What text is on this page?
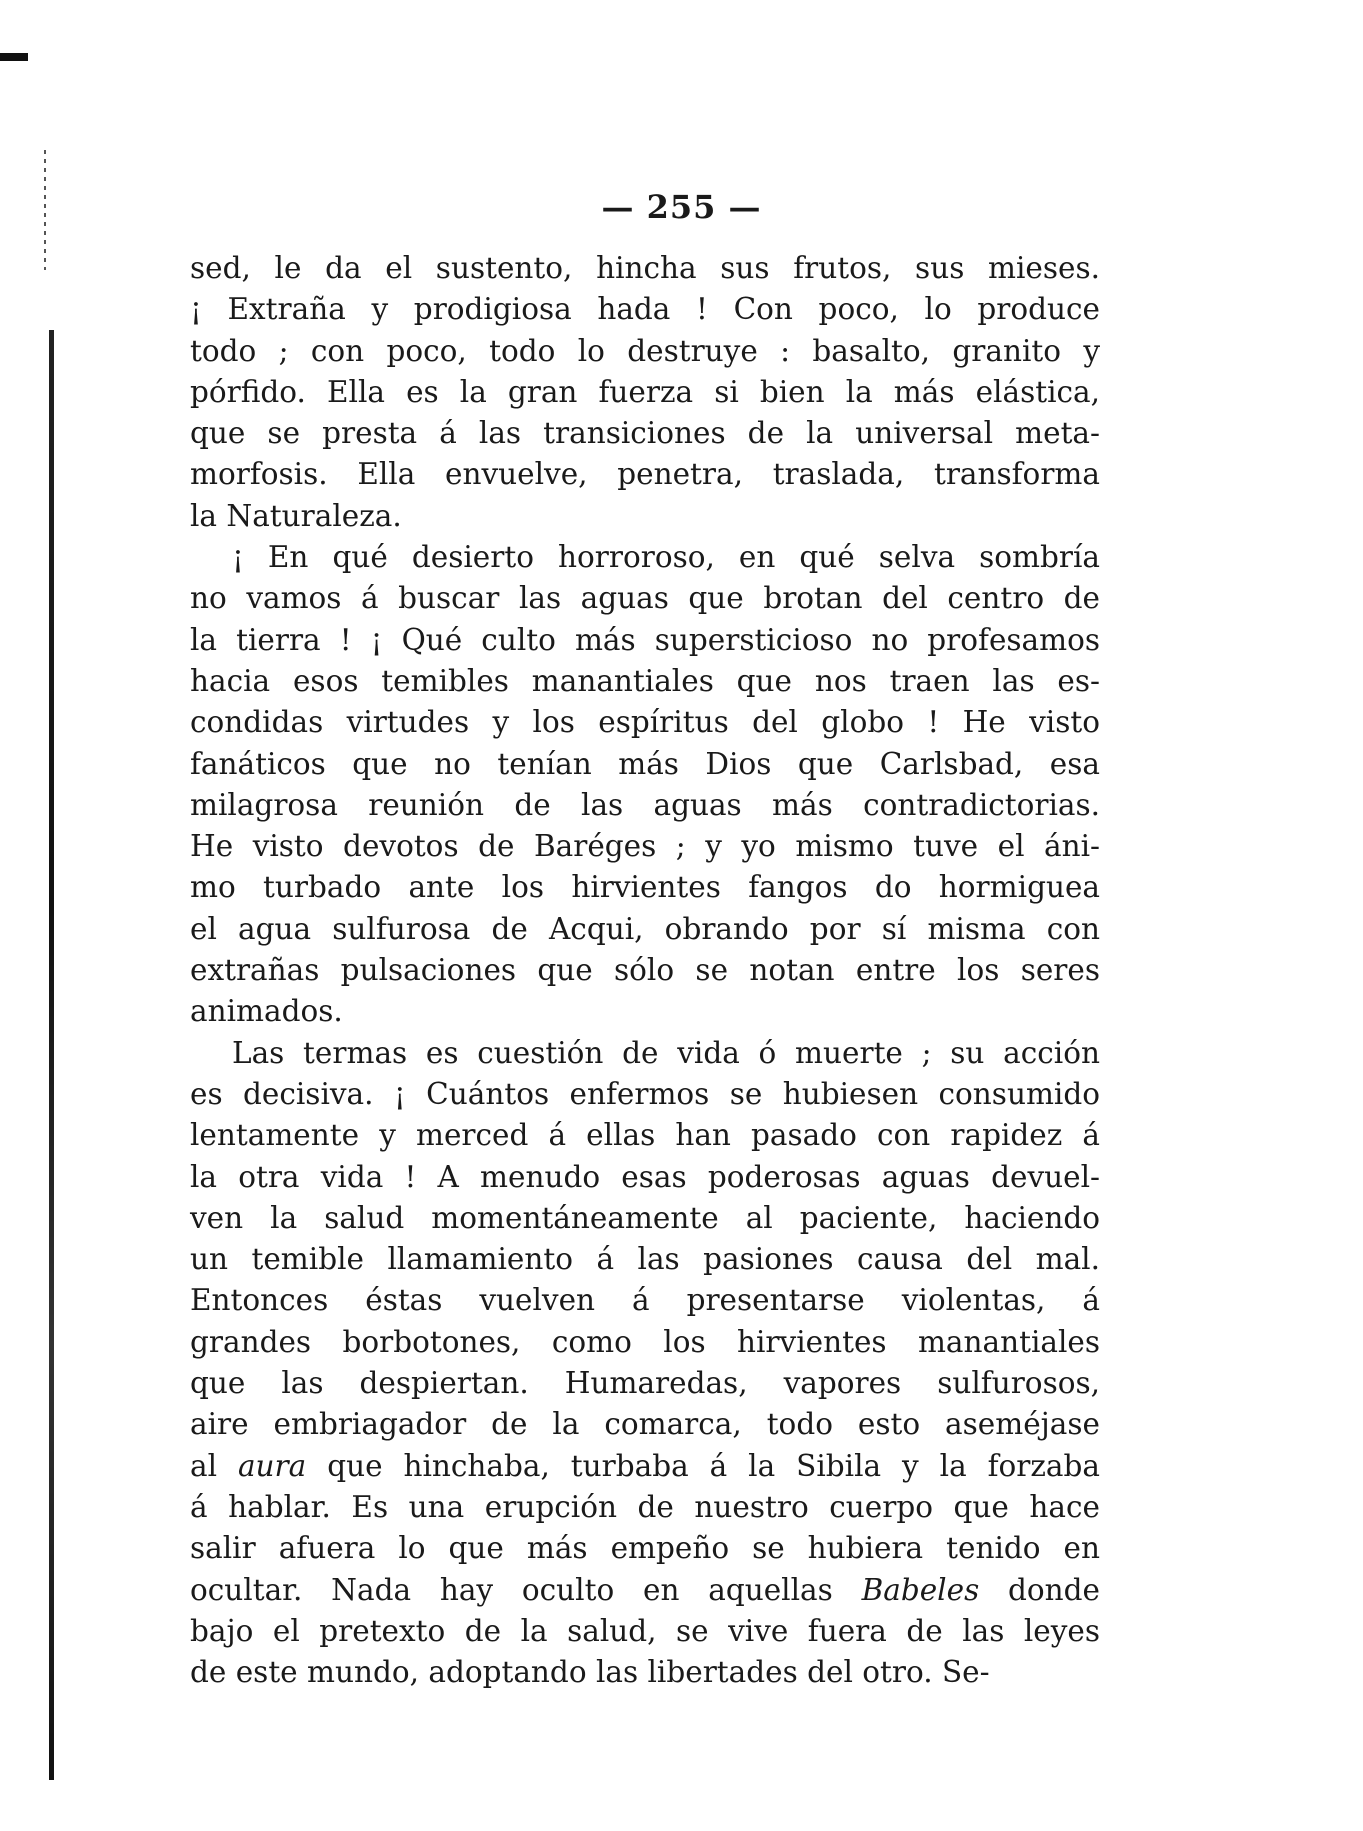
— 255 —
sed, le da el sustento, hincha sus frutos, sus mieses.
¡ Extraña y prodigiosa hada ! Con poco, lo produce
todo ; con poco, todo lo destruye : basalto, granito y
pórfido. Ella es la gran fuerza si bien la más elástica,
que se presta á las transiciones de la universal meta-
morfosis. Ella envuelve, penetra, traslada, transforma
la Naturaleza.
¡ En qué desierto horroroso, en qué selva sombría
no vamos á buscar las aguas que brotan del centro de
la tierra ! ¡ Qué culto más supersticioso no profesamos
hacia esos temibles manantiales que nos traen las es-
condidas virtudes y los espíritus del globo ! He visto
fanáticos que no tenían más Dios que Carlsbad, esa
milagrosa reunión de las aguas más contradictorias.
He visto devotos de Baréges ; y yo mismo tuve el áni-
mo turbado ante los hirvientes fangos do hormiguea
el agua sulfurosa de Acqui, obrando por sí misma con
extrañas pulsaciones que sólo se notan entre los seres
animados.
Las termas es cuestión de vida ó muerte ; su acción
es decisiva. ¡ Cuántos enfermos se hubiesen consumido
lentamente y merced á ellas han pasado con rapidez á
la otra vida ! A menudo esas poderosas aguas devuel-
ven la salud momentáneamente al paciente, haciendo
un temible llamamiento á las pasiones causa del mal.
Entonces éstas vuelven á presentarse violentas, á
grandes borbotones, como los hirvientes manantiales
que las despiertan. Humaredas, vapores sulfurosos,
aire embriagador de la comarca, todo esto aseméjase
al aura que hinchaba, turbaba á la Sibila y la forzaba
á hablar. Es una erupción de nuestro cuerpo que hace
salir afuera lo que más empeño se hubiera tenido en
ocultar. Nada hay oculto en aquellas Babeles donde
bajo el pretexto de la salud, se vive fuera de las leyes
de este mundo, adoptando las libertades del otro. Se-
